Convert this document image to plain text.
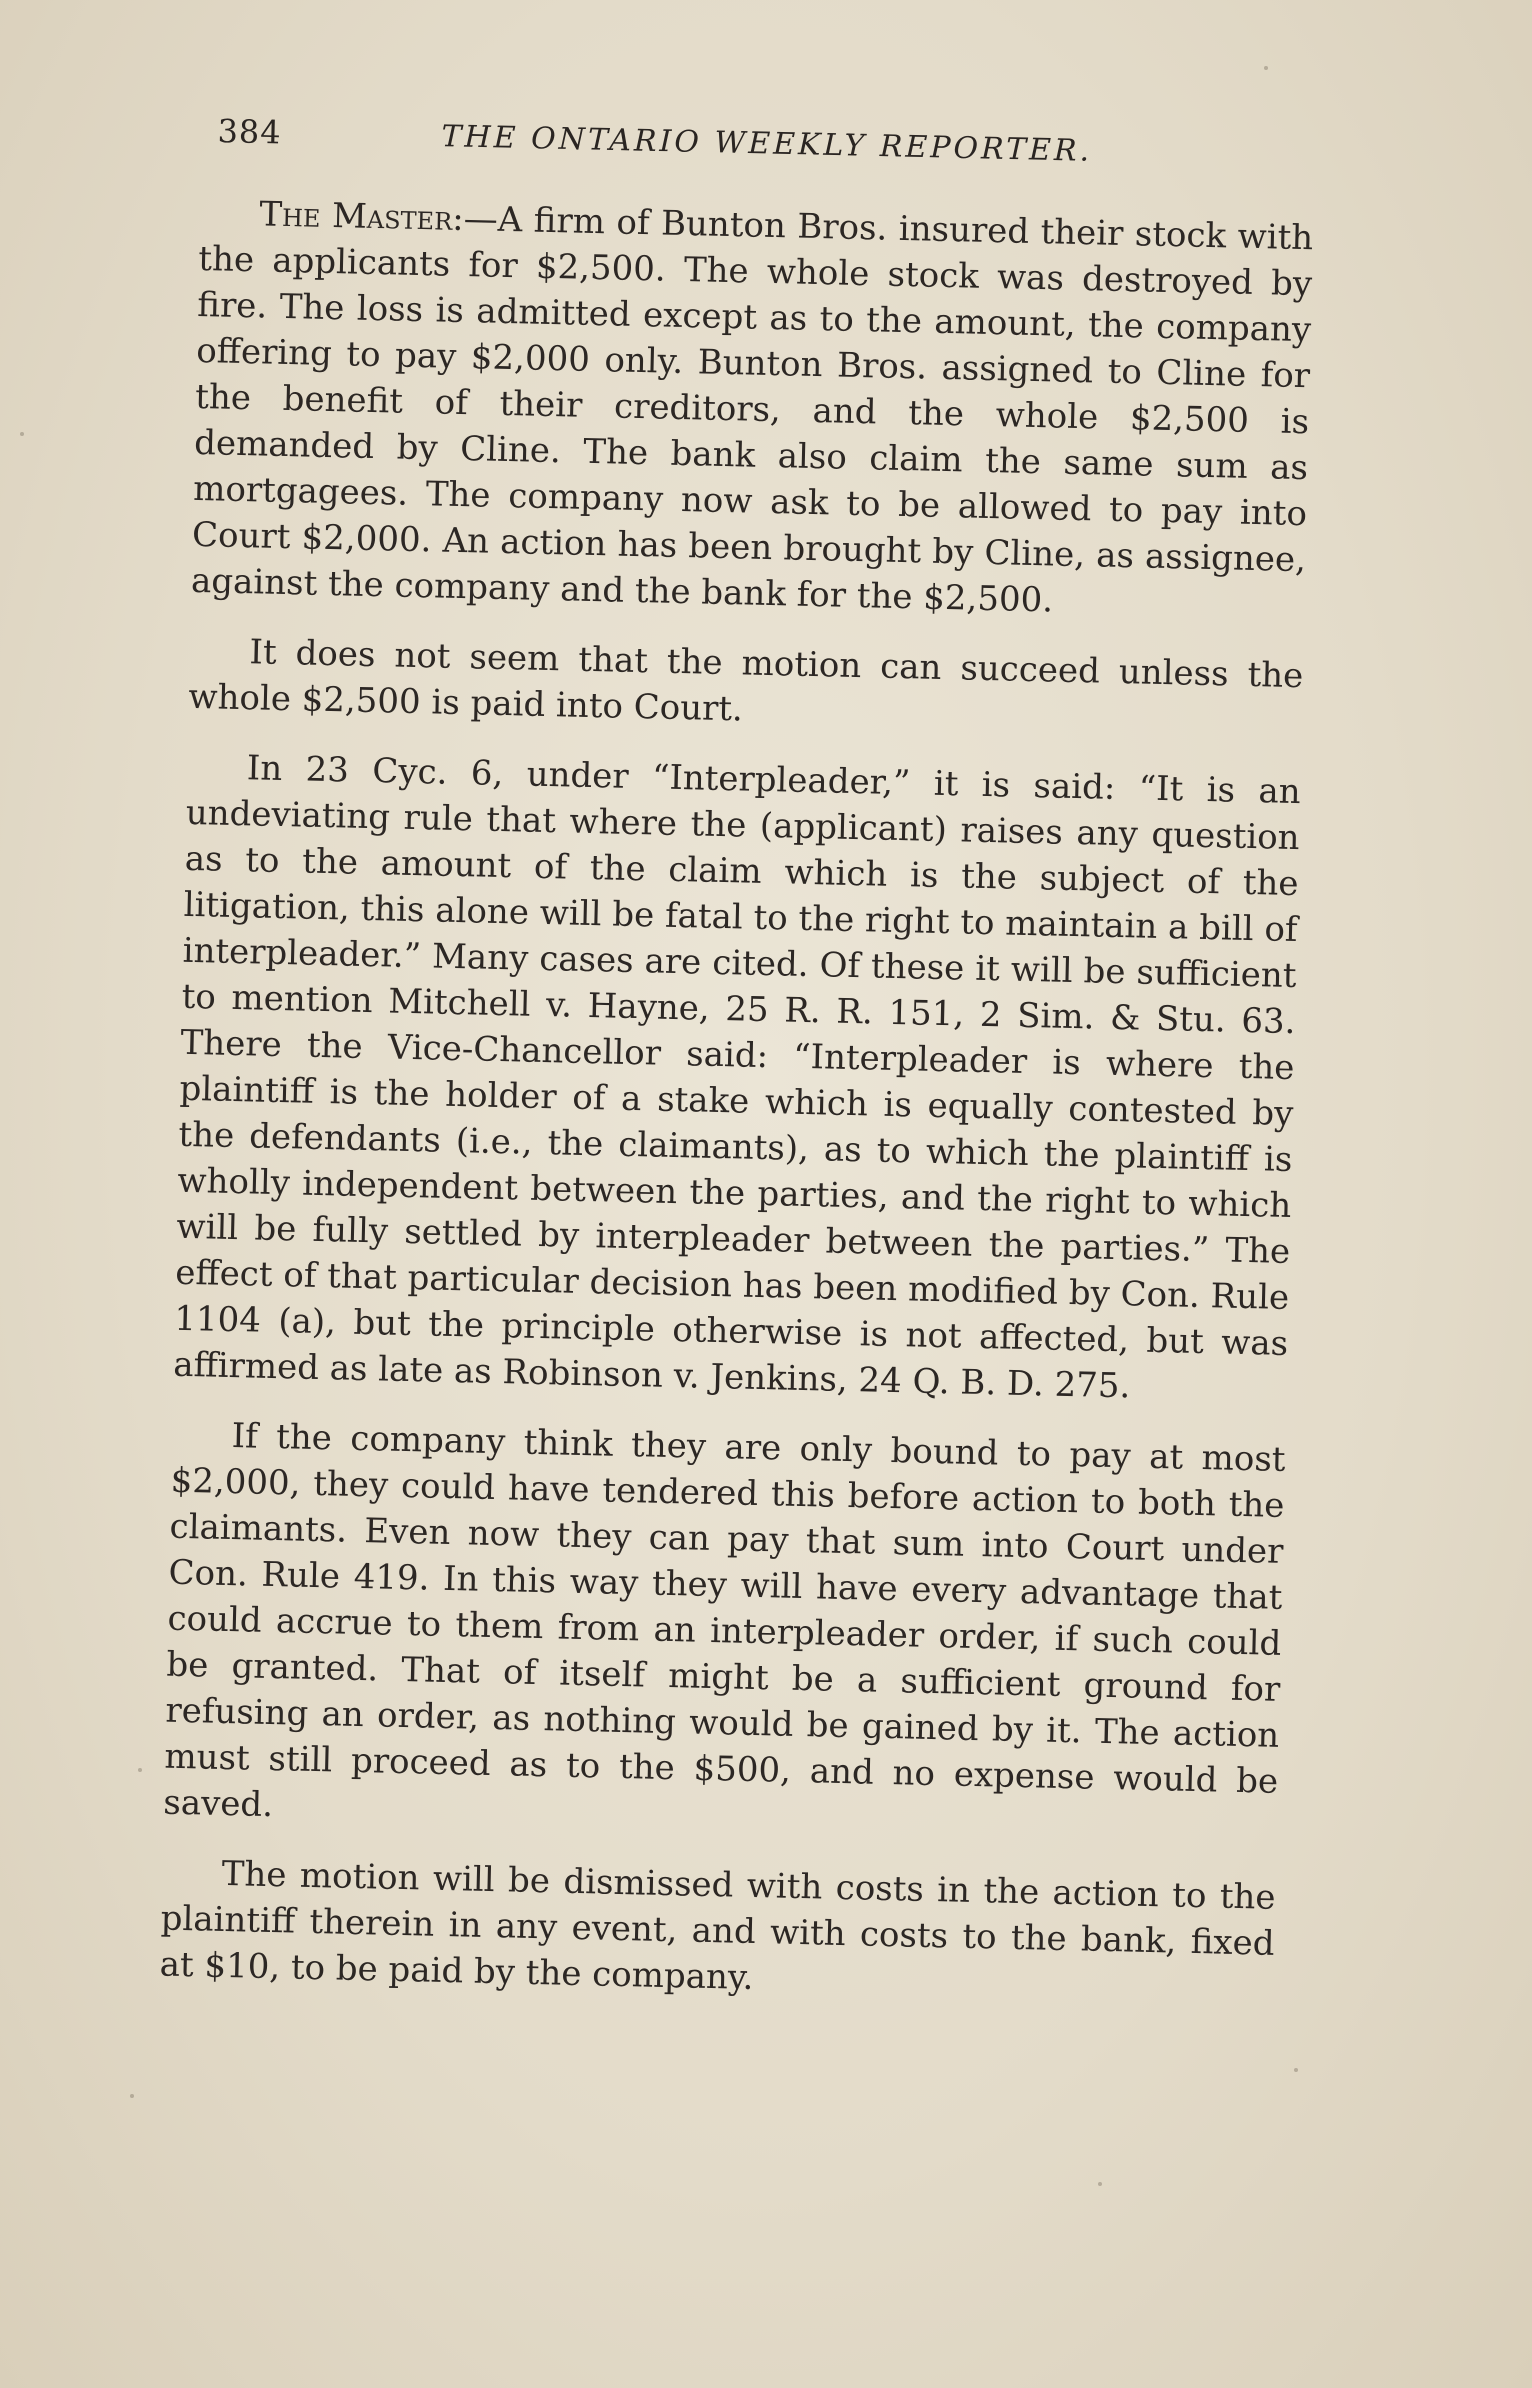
384	THE ONTARIO WEEKLY REPORTER.

The Master:—A firm of Bunton Bros. insured their stock with the applicants for $2,500. The whole stock was destroyed by fire. The loss is admitted except as to the amount, the company offering to pay $2,000 only. Bunton Bros. assigned to Cline for the benefit of their creditors, and the whole $2,500 is demanded by Cline. The bank also claim the same sum as mortgagees. The company now ask to be allowed to pay into Court $2,000. An action has been brought by Cline, as assignee, against the company and the bank for the $2,500.

It does not seem that the motion can succeed unless the whole $2,500 is paid into Court.

In 23 Cyc. 6, under “Interpleader,” it is said: “It is an undeviating rule that where the (applicant) raises any question as to the amount of the claim which is the subject of the litigation, this alone will be fatal to the right to maintain a bill of interpleader.” Many cases are cited. Of these it will be sufficient to mention Mitchell v. Hayne, 25 R. R. 151, 2 Sim. & Stu. 63. There the Vice-Chancellor said: “Interpleader is where the plaintiff is the holder of a stake which is equally contested by the defendants (i.e., the claimants), as to which the plaintiff is wholly independent between the parties, and the right to which will be fully settled by interpleader between the parties.” The effect of that particular decision has been modified by Con. Rule 1104 (a), but the principle otherwise is not affected, but was affirmed as late as Robinson v. Jenkins, 24 Q. B. D. 275.

If the company think they are only bound to pay at most $2,000, they could have tendered this before action to both the claimants. Even now they can pay that sum into Court under Con. Rule 419. In this way they will have every advantage that could accrue to them from an interpleader order, if such could be granted. That of itself might be a sufficient ground for refusing an order, as nothing would be gained by it. The action must still proceed as to the $500, and no expense would be saved.

The motion will be dismissed with costs in the action to the plaintiff therein in any event, and with costs to the bank, fixed at $10, to be paid by the company.
